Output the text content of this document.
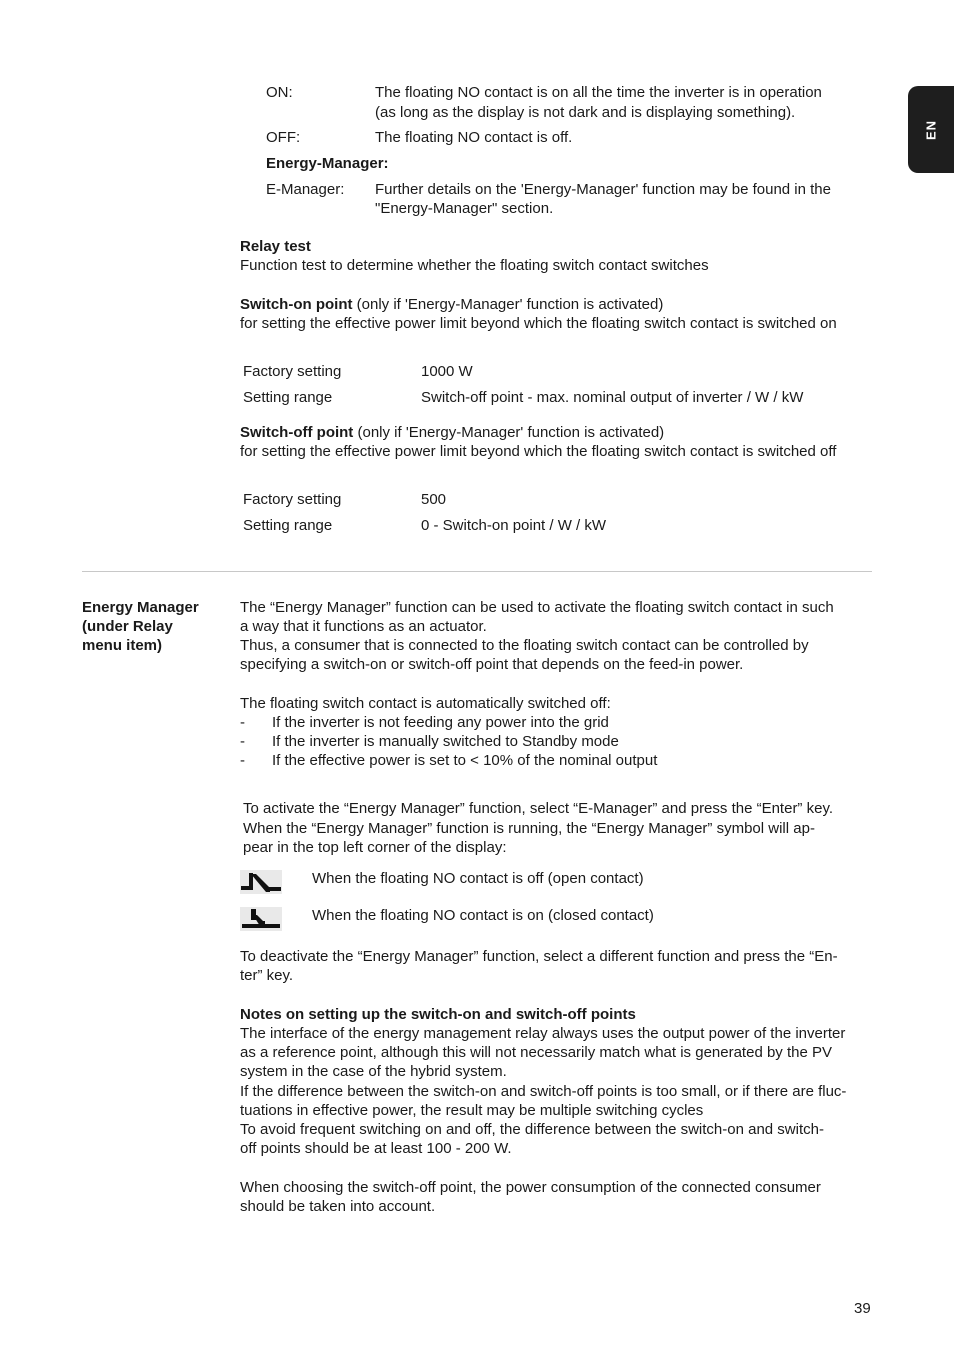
EN
ON:	The floating NO contact is on all the time the inverter is in operation
(as long as the display is not dark and is displaying something).
OFF:	The floating NO contact is off.
Energy-Manager:
E-Manager: Further details on the 'Energy-Manager' function may be found in the
"Energy-Manager" section.
Relay test
Function test to determine whether the floating switch contact switches
Switch-on point (only if 'Energy-Manager' function is activated)
for setting the effective power limit beyond which the floating switch contact is switched on
Factory setting	1000 W
Setting range	Switch-off point - max. nominal output of inverter / W / kW
Switch-off point (only if 'Energy-Manager' function is activated)
for setting the effective power limit beyond which the floating switch contact is switched off
Factory setting	500
Setting range	0 - Switch-on point / W / kW
Energy Manager
(under Relay
menu item)
The “Energy Manager” function can be used to activate the floating switch contact in such
a way that it functions as an actuator.
Thus, a consumer that is connected to the floating switch contact can be controlled by
specifying a switch-on or switch-off point that depends on the feed-in power.
The floating switch contact is automatically switched off:
- If the inverter is not feeding any power into the grid
- If the inverter is manually switched to Standby mode
- If the effective power is set to < 10% of the nominal output
To activate the “Energy Manager” function, select “E-Manager” and press the “Enter” key.
When the “Energy Manager” function is running, the “Energy Manager” symbol will ap-
pear in the top left corner of the display:
When the floating NO contact is off (open contact)
When the floating NO contact is on (closed contact)
To deactivate the “Energy Manager” function, select a different function and press the “En-
ter” key.
Notes on setting up the switch-on and switch-off points
The interface of the energy management relay always uses the output power of the inverter
as a reference point, although this will not necessarily match what is generated by the PV
system in the case of the hybrid system.
If the difference between the switch-on and switch-off points is too small, or if there are fluc-
tuations in effective power, the result may be multiple switching cycles
To avoid frequent switching on and off, the difference between the switch-on and switch-
off points should be at least 100 - 200 W.
When choosing the switch-off point, the power consumption of the connected consumer
should be taken into account.
39
